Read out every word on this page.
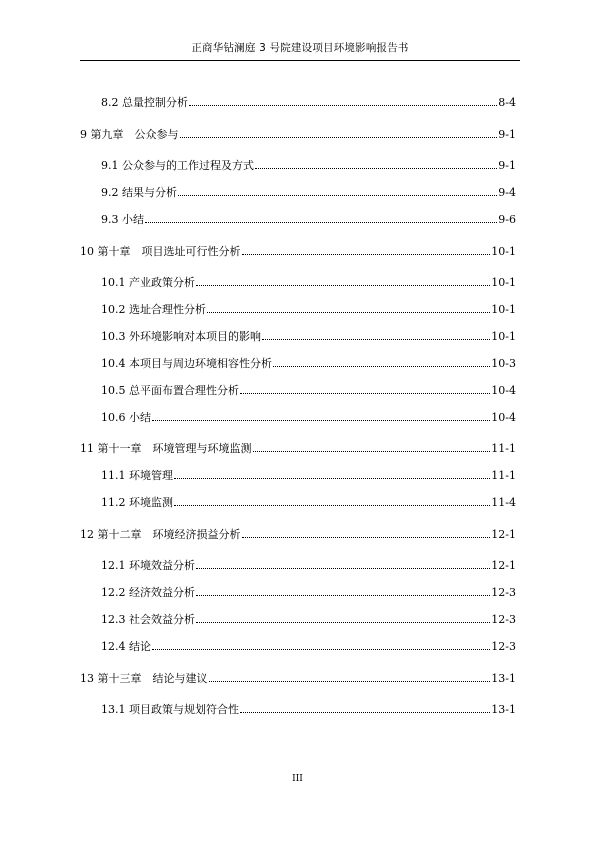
正商华钻澜庭 3 号院建设项目环境影响报告书
8.2 总量控制分析	8-4
9 第九章　公众参与	9-1
9.1 公众参与的工作过程及方式	9-1
9.2 结果与分析	9-4
9.3 小结	9-6
10 第十章　项目选址可行性分析	10-1
10.1 产业政策分析	10-1
10.2 选址合理性分析	10-1
10.3 外环境影响对本项目的影响	10-1
10.4 本项目与周边环境相容性分析	10-3
10.5 总平面布置合理性分析	10-4
10.6 小结	10-4
11 第十一章　环境管理与环境监测	11-1
11.1 环境管理	11-1
11.2 环境监测	11-4
12 第十二章　环境经济损益分析	12-1
12.1 环境效益分析	12-1
12.2 经济效益分析	12-3
12.3 社会效益分析	12-3
12.4 结论	12-3
13 第十三章　结论与建议	13-1
13.1 项目政策与规划符合性	13-1
III
